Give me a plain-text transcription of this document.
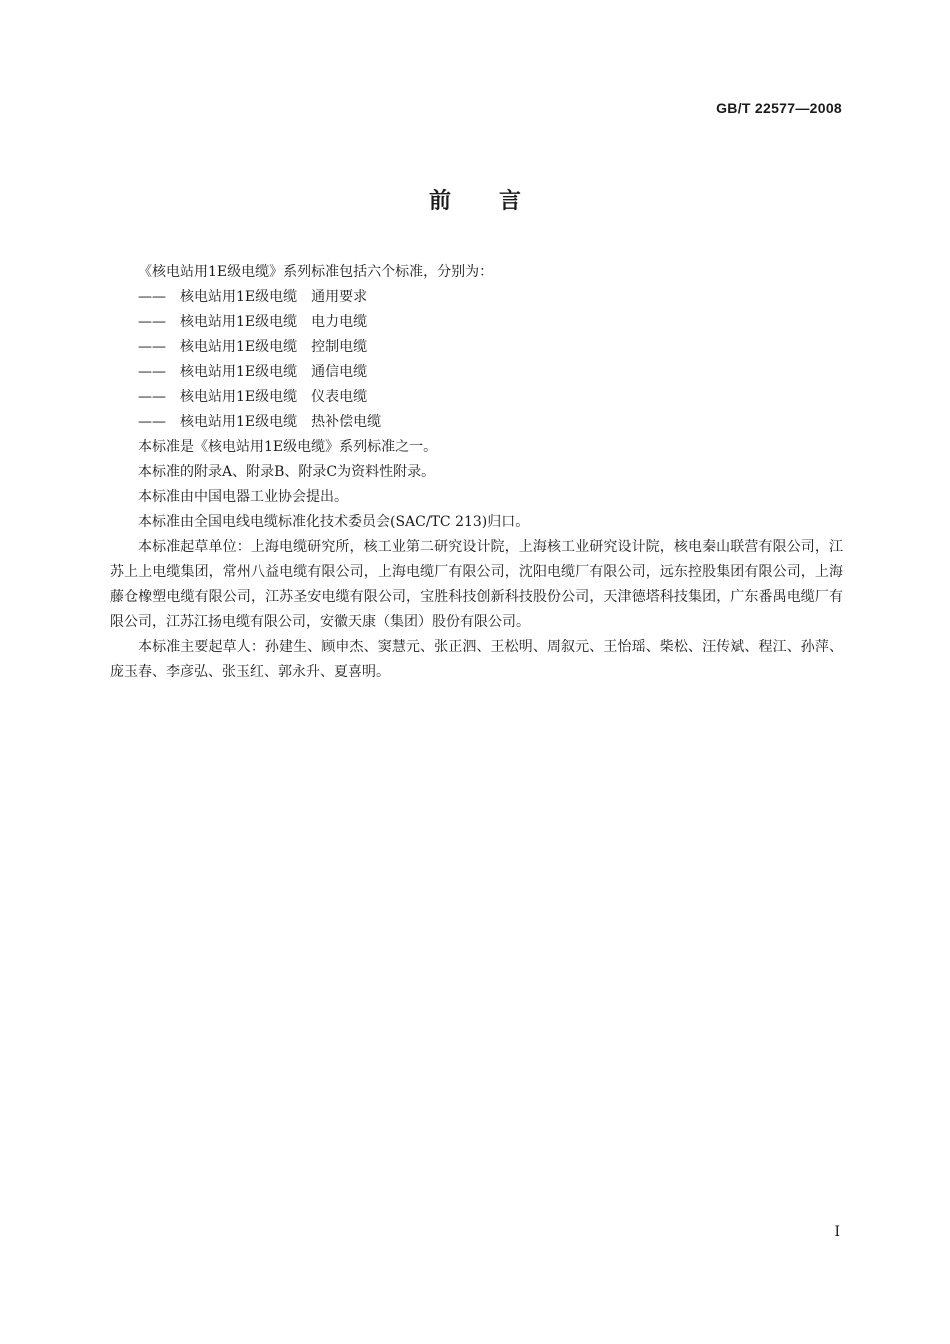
GB/T 22577—2008
前言

《核电站用1E级电缆》系列标准包括六个标准，分别为：

—— 核电站用1E级电缆　通用要求
—— 核电站用1E级电缆　电力电缆
—— 核电站用1E级电缆　控制电缆
—— 核电站用1E级电缆　通信电缆
—— 核电站用1E级电缆　仪表电缆
—— 核电站用1E级电缆　热补偿电缆

本标准是《核电站用1E级电缆》系列标准之一。

本标准的附录A、附录B、附录C为资料性附录。

本标准由中国电器工业协会提出。

本标准由全国电线电缆标准化技术委员会(SAC/TC 213)归口。

本标准起草单位：上海电缆研究所，核工业第二研究设计院，上海核工业研究设计院，核电秦山联营有限公司，江苏上上电缆集团，常州八益电缆有限公司，上海电缆厂有限公司，沈阳电缆厂有限公司，远东控股集团有限公司，上海藤仓橡塑电缆有限公司，江苏圣安电缆有限公司，宝胜科技创新科技股份公司，天津德塔科技集团，广东番禺电缆厂有限公司，江苏江扬电缆有限公司，安徽天康（集团）股份有限公司。

本标准主要起草人：孙建生、顾申杰、窦慧元、张正泗、王松明、周叙元、王怡瑶、柴松、汪传斌、程江、孙萍、庞玉春、李彦弘、张玉红、郭永升、夏喜明。

I
